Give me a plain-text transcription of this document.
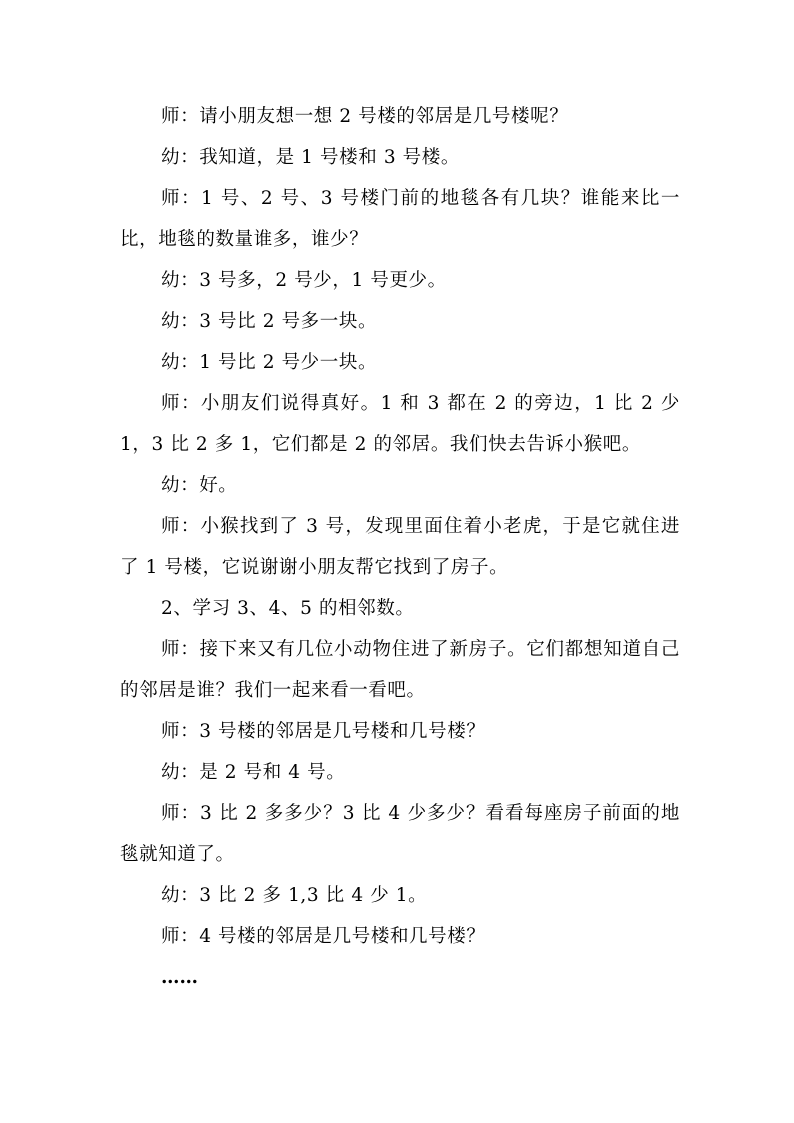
师：请小朋友想一想 2 号楼的邻居是几号楼呢？

幼：我知道，是 1 号楼和 3 号楼。

师：1 号、2 号、3 号楼门前的地毯各有几块？谁能来比一比，地毯的数量谁多，谁少？

幼：3 号多，2 号少，1 号更少。

幼：3 号比 2 号多一块。

幼：1 号比 2 号少一块。

师：小朋友们说得真好。1 和 3 都在 2 的旁边，1 比 2 少 1，3 比 2 多 1，它们都是 2 的邻居。我们快去告诉小猴吧。

幼：好。

师：小猴找到了 3 号，发现里面住着小老虎，于是它就住进了 1 号楼，它说谢谢小朋友帮它找到了房子。

2、学习 3、4、5 的相邻数。

师：接下来又有几位小动物住进了新房子。它们都想知道自己的邻居是谁？我们一起来看一看吧。

师：3 号楼的邻居是几号楼和几号楼？

幼：是 2 号和 4 号。

师：3 比 2 多多少？3 比 4 少多少？看看每座房子前面的地毯就知道了。

幼：3 比 2 多 1,3 比 4 少 1。

师：4 号楼的邻居是几号楼和几号楼？

……
